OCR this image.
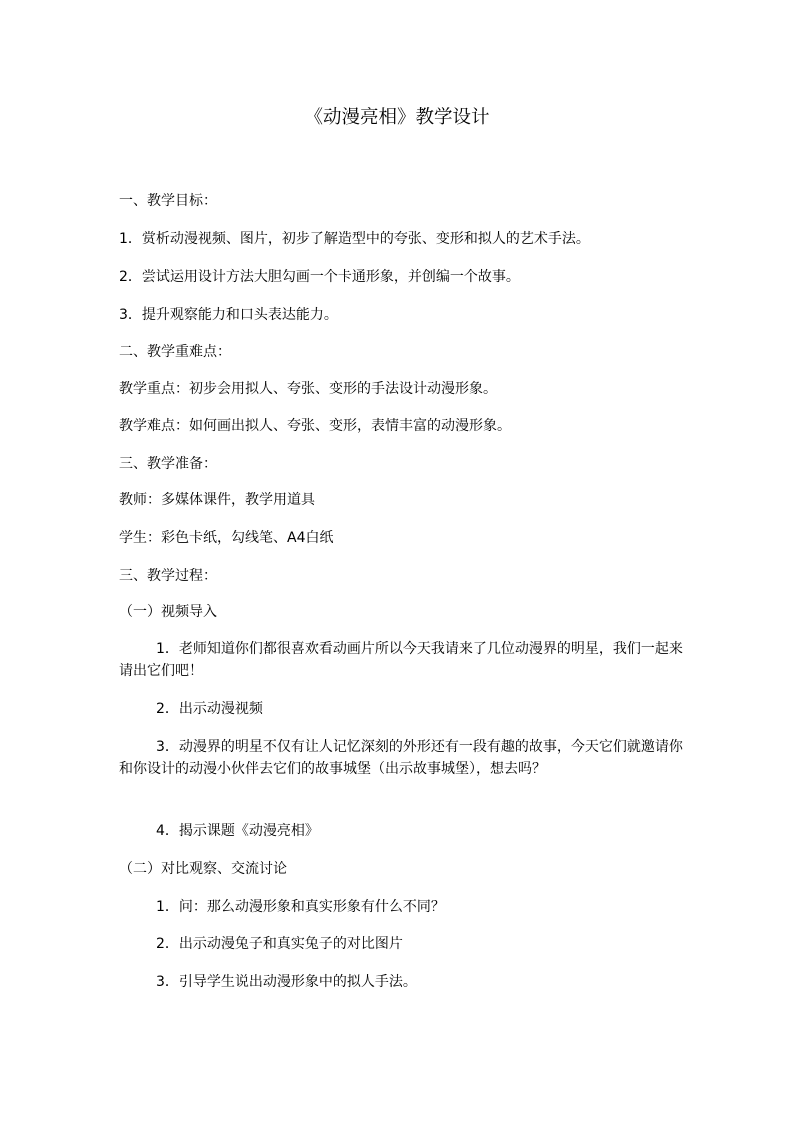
《动漫亮相》教学设计
一、教学目标：
1．赏析动漫视频、图片，初步了解造型中的夸张、变形和拟人的艺术手法。
2．尝试运用设计方法大胆勾画一个卡通形象，并创编一个故事。
3．提升观察能力和口头表达能力。
二、教学重难点：
教学重点：初步会用拟人、夸张、变形的手法设计动漫形象。
教学难点：如何画出拟人、夸张、变形，表情丰富的动漫形象。
三、教学准备：
教师：多媒体课件，教学用道具
学生：彩色卡纸，勾线笔、A4白纸
三、教学过程：
（一）视频导入
1．老师知道你们都很喜欢看动画片所以今天我请来了几位动漫界的明星，我们一起来请出它们吧！
2．出示动漫视频
3．动漫界的明星不仅有让人记忆深刻的外形还有一段有趣的故事，今天它们就邀请你和你设计的动漫小伙伴去它们的故事城堡（出示故事城堡），想去吗？
4．揭示课题《动漫亮相》
（二）对比观察、交流讨论
1．问：那么动漫形象和真实形象有什么不同？
2．出示动漫兔子和真实兔子的对比图片
3．引导学生说出动漫形象中的拟人手法。
